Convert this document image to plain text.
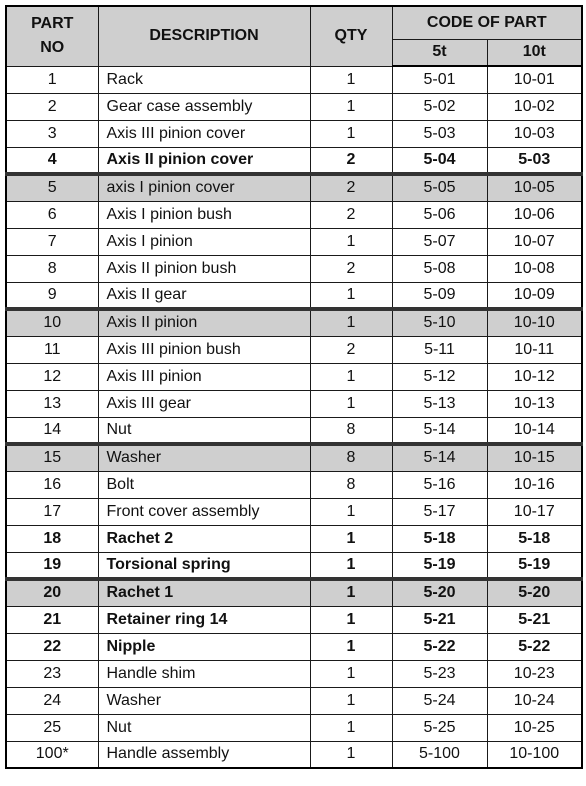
PART
NO	DESCRIPTION	QTY	CODE OF PART	
			5t	10t
1	Rack	1	5-01	10-01
2	Gear case assembly	1	5-02	10-02
3	Axis III pinion cover	1	5-03	10-03
4	Axis II pinion cover	2	5-04	5-03
5	axis I pinion cover	2	5-05	10-05
6	Axis I pinion bush	2	5-06	10-06
7	Axis I pinion	1	5-07	10-07
8	Axis II pinion bush	2	5-08	10-08
9	Axis II gear	1	5-09	10-09
10	Axis II pinion	1	5-10	10-10
11	Axis III pinion bush	2	5-11	10-11
12	Axis III pinion	1	5-12	10-12
13	Axis III gear	1	5-13	10-13
14	Nut	8	5-14	10-14
15	Washer	8	5-14	10-15
16	Bolt	8	5-16	10-16
17	Front cover assembly	1	5-17	10-17
18	Rachet 2	1	5-18	5-18
19	Torsional spring	1	5-19	5-19
20	Rachet 1	1	5-20	5-20
21	Retainer ring 14	1	5-21	5-21
22	Nipple	1	5-22	5-22
23	Handle shim	1	5-23	10-23
24	Washer	1	5-24	10-24
25	Nut	1	5-25	10-25
100*	Handle assembly	1	5-100	10-100
